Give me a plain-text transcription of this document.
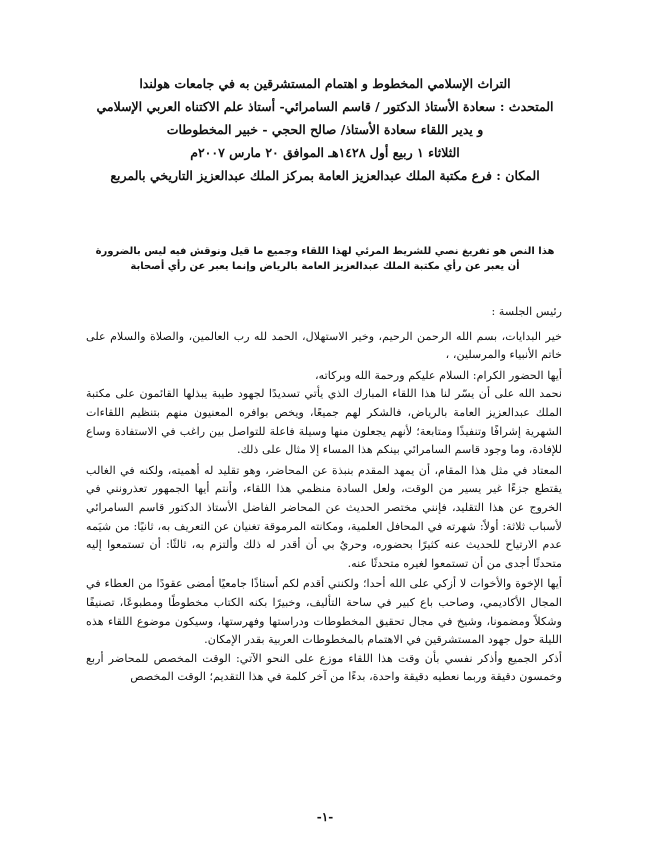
التراث الإسلامي المخطوط و اهتمام المستشرقين به في جامعات هولندا
المتحدث : سعادة الأستاذ الدكتور / قاسم السامرائي- أستاذ علم الاكتناه العربي الإسلامي
و يدير اللقاء سعادة الأستاذ/ صالح الحجي - خبير المخطوطات
الثلاثاء ١ ربيع أول ١٤٢٨هـ الموافق ٢٠ مارس ٢٠٠٧م
المكان : فرع مكتبة الملك عبدالعزيز العامة بمركز الملك عبدالعزيز التاريخي بالمربع
هذا النص هو تفريغ نصي للشريط المرئي لهذا اللقاء وجميع ما قيل ونوقش فيه ليس بالضرورة
أن يعبر عن رأي مكتبة الملك عبدالعزيز العامة بالرياض وإنما يعبر عن رأي أصحابة

رئيس الجلسة :

خير البدايات، بسم الله الرحمن الرحيم، وخير الاستهلال، الحمد لله رب العالمين، والصلاة والسلام على خاتم الأنبياء والمرسلين، ،

أيها الحضور الكرام: السلام عليكم ورحمة الله وبركاته،

نحمد الله على أن يسّر لنا هذا اللقاء المبارك الذي يأتي تسديدًا لجهود طيبة يبذلها القائمون على مكتبة الملك عبدالعزيز العامة بالرياض، فالشكر لهم جميعًا، ويخص بوافره المعنيون منهم بتنظيم اللقاءات الشهرية إشرافًا وتنفيذًا ومتابعة؛ لأنهم يجعلون منها وسيلة فاعلة للتواصل بين راغب في الاستفادة وساع للإفادة، وما وجود قاسم السامرائي بينكم هذا المساء إلا مثال على ذلك.

المعتاد في مثل هذا المقام، أن يمهد المقدم بنبذة عن المحاضر، وهو تقليد له أهميته، ولكنه في الغالب يقتطع جزءًا غير يسير من الوقت، ولعل السادة منظمي هذا اللقاء، وأنتم أيها الجمهور تعذرونني في الخروج عن هذا التقليد، فإنني مختصر الحديث عن المحاضر الفاضل الأستاذ الدكتور قاسم السامرائي لأسباب ثلاثة: أولاً: شهرته في المحافل العلمية، ومكانته المرموقة تغنيان عن التعريف به، ثانيًا: من شيَمه عدم الارتياح للحديث عنه كثيرًا بحضوره، وحريٌ بي أن أقدر له ذلك وألتزم به، ثالثًا: أن تستمعوا إليه متحدثًا أجدى من أن تستمعوا لغيره متحدثًا عنه.

أيها الإخوة والأخوات لا أزكي على الله أحدا؛ ولكنني أقدم لكم أستاذًا جامعيًا أمضى عقودًا من العطاء في المجال الأكاديمي، وصاحب باع كبير في ساحة التأليف، وخبيرًا بكنه الكتاب مخطوطًا ومطبوعًا، تصنيفًا وشكلاً ومضمونا، وشيخ في مجال تحقيق المخطوطات ودراستها وفهرستها، وسيكون موضوع اللقاء هذه الليلة حول جهود المستشرقين في الاهتمام بالمخطوطات العربية بقدر الإمكان.

أذكر الجميع وأذكر نفسي بأن وقت هذا اللقاء موزع على النحو الآتي: الوقت المخصص للمحاضر أربع وخمسون دقيقة وربما نعطيه دقيقة واحدة، بدءًا من آخر كلمة في هذا التقديم؛ الوقت المخصص

-١-
